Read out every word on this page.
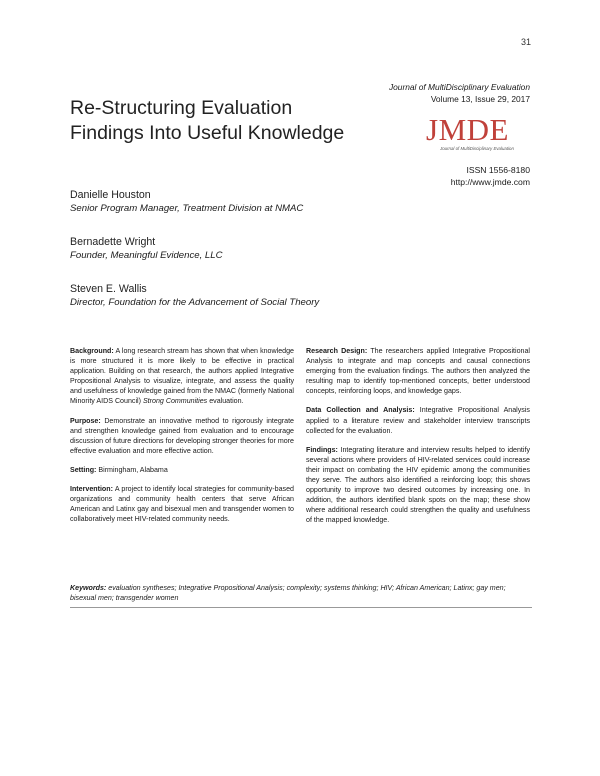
31
Re-Structuring Evaluation
Findings Into Useful Knowledge
Journal of MultiDisciplinary Evaluation
Volume 13, Issue 29, 2017
JMDE
Journal of MultiDisciplinary Evaluation
ISSN 1556-8180
http://www.jmde.com
Danielle Houston
Senior Program Manager, Treatment Division at NMAC
Bernadette Wright
Founder, Meaningful Evidence, LLC
Steven E. Wallis
Director, Foundation for the Advancement of Social Theory

Background: A long research stream has shown that when knowledge is more structured it is more likely to be effective in practical application. Building on that research, the authors applied Integrative Propositional Analysis to visualize, integrate, and assess the quality and usefulness of knowledge gained from the NMAC (formerly National Minority AIDS Council) Strong Communities evaluation.

Purpose: Demonstrate an innovative method to rigorously integrate and strengthen knowledge gained from evaluation and to encourage discussion of future directions for developing stronger theories for more effective evaluation and more effective action.

Setting: Birmingham, Alabama

Intervention: A project to identify local strategies for community-based organizations and community health centers that serve African American and Latinx gay and bisexual men and transgender women to collaboratively meet HIV-related community needs.

Research Design: The researchers applied Integrative Propositional Analysis to integrate and map concepts and causal connections emerging from the evaluation findings. The authors then analyzed the resulting map to identify top-mentioned concepts, better understood concepts, reinforcing loops, and knowledge gaps.

Data Collection and Analysis: Integrative Propositional Analysis applied to a literature review and stakeholder interview transcripts collected for the evaluation.

Findings: Integrating literature and interview results helped to identify several actions where providers of HIV-related services could increase their impact on combating the HIV epidemic among the communities they serve. The authors also identified a reinforcing loop; this shows opportunity to improve two desired outcomes by increasing one. In addition, the authors identified blank spots on the map; these show where additional research could strengthen the quality and usefulness of the mapped knowledge.

Keywords: evaluation syntheses; Integrative Propositional Analysis; complexity; systems thinking; HIV; African American; Latinx; gay men; bisexual men; transgender women
